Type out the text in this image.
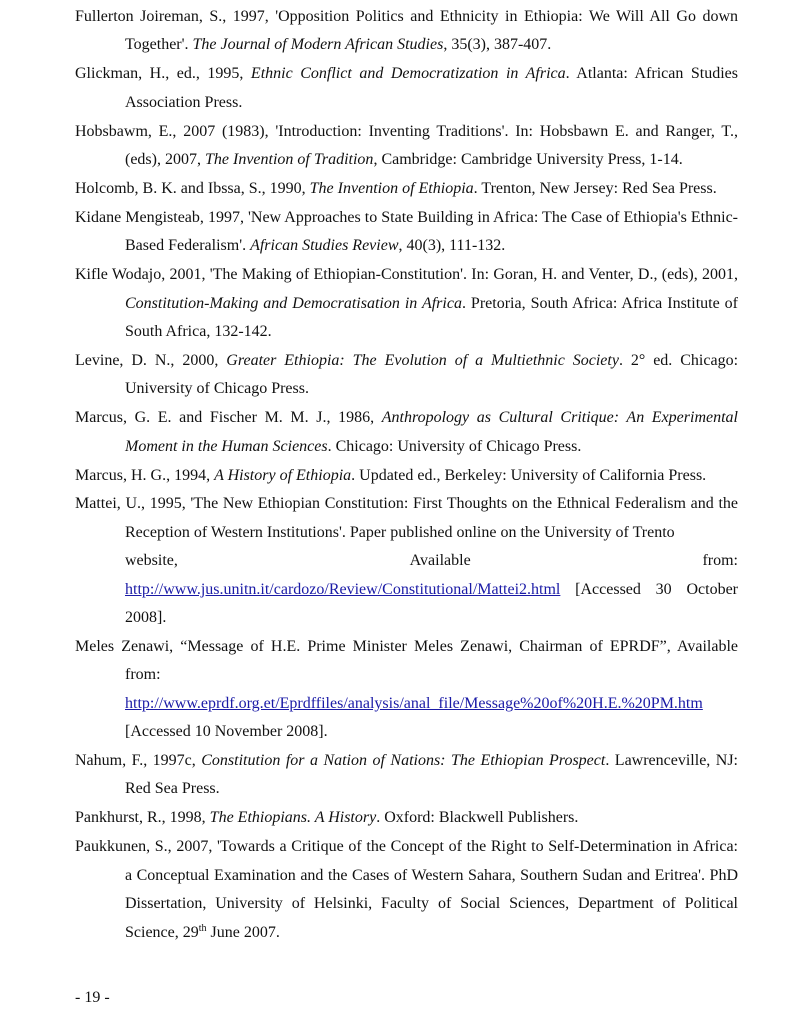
Fullerton Joireman, S., 1997, 'Opposition Politics and Ethnicity in Ethiopia: We Will All Go down Together'. The Journal of Modern African Studies, 35(3), 387-407.

Glickman, H., ed., 1995, Ethnic Conflict and Democratization in Africa. Atlanta: African Studies Association Press.

Hobsbawm, E., 2007 (1983), 'Introduction: Inventing Traditions'. In: Hobsbawn E. and Ranger, T., (eds), 2007, The Invention of Tradition, Cambridge: Cambridge University Press, 1-14.

Holcomb, B. K. and Ibssa, S., 1990, The Invention of Ethiopia. Trenton, New Jersey: Red Sea Press.

Kidane Mengisteab, 1997, 'New Approaches to State Building in Africa: The Case of Ethiopia's Ethnic-Based Federalism'. African Studies Review, 40(3), 111-132.

Kifle Wodajo, 2001, 'The Making of Ethiopian-Constitution'. In: Goran, H. and Venter, D., (eds), 2001, Constitution-Making and Democratisation in Africa. Pretoria, South Africa: Africa Institute of South Africa, 132-142.

Levine, D. N., 2000, Greater Ethiopia: The Evolution of a Multiethnic Society. 2° ed. Chicago: University of Chicago Press.

Marcus, G. E. and Fischer M. M. J., 1986, Anthropology as Cultural Critique: An Experimental Moment in the Human Sciences. Chicago: University of Chicago Press.

Marcus, H. G., 1994, A History of Ethiopia. Updated ed., Berkeley: University of California Press.

Mattei, U., 1995, 'The New Ethiopian Constitution: First Thoughts on the Ethnical Federalism and the Reception of Western Institutions'. Paper published online on the University of Trento
website,	Available	from:
http://www.jus.unitn.it/cardozo/Review/Constitutional/Mattei2.html [Accessed 30 October 2008].

Meles Zenawi, “Message of H.E. Prime Minister Meles Zenawi, Chairman of EPRDF”, Available from:
http://www.eprdf.org.et/Eprdffiles/analysis/anal_file/Message%20of%20H.E.%20PM.htm
[Accessed 10 November 2008].

Nahum, F., 1997c, Constitution for a Nation of Nations: The Ethiopian Prospect. Lawrenceville, NJ: Red Sea Press.

Pankhurst, R., 1998, The Ethiopians. A History. Oxford: Blackwell Publishers.

Paukkunen, S., 2007, 'Towards a Critique of the Concept of the Right to Self-Determination in Africa: a Conceptual Examination and the Cases of Western Sahara, Southern Sudan and Eritrea'. PhD Dissertation, University of Helsinki, Faculty of Social Sciences, Department of Political Science, 29th June 2007.

- 19 -
